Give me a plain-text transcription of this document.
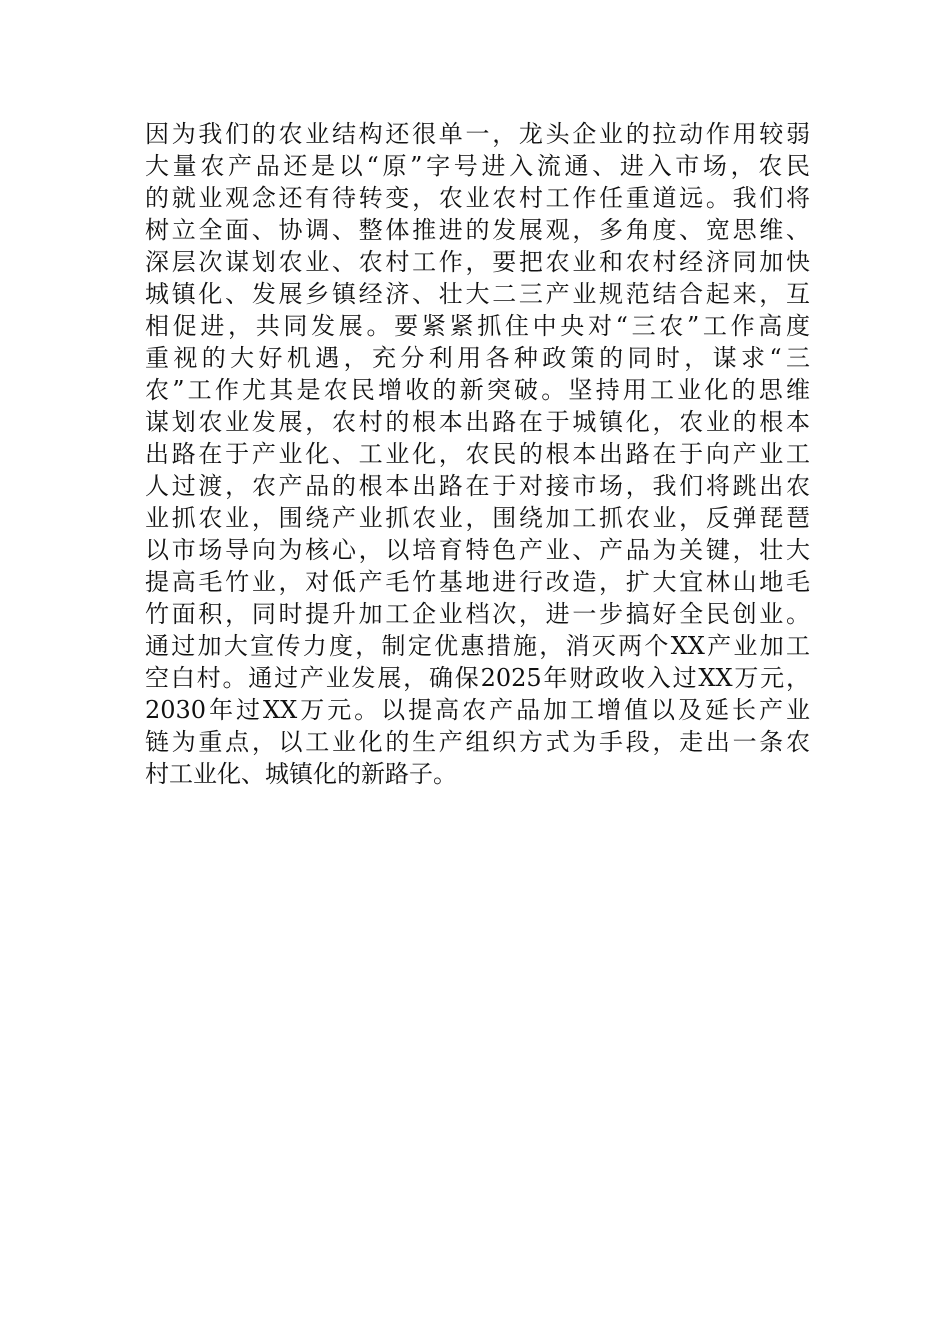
因为我们的农业结构还很单一，龙头企业的拉动作用较弱
大量农产品还是以“原”字号进入流通、进入市场，农民
的就业观念还有待转变，农业农村工作任重道远。我们将
树立全面、协调、整体推进的发展观，多角度、宽思维、
深层次谋划农业、农村工作，要把农业和农村经济同加快
城镇化、发展乡镇经济、壮大二三产业规范结合起来，互
相促进，共同发展。要紧紧抓住中央对“三农”工作高度
重视的大好机遇，充分利用各种政策的同时，谋求“三
农”工作尤其是农民增收的新突破。坚持用工业化的思维
谋划农业发展，农村的根本出路在于城镇化，农业的根本
出路在于产业化、工业化，农民的根本出路在于向产业工
人过渡，农产品的根本出路在于对接市场，我们将跳出农
业抓农业，围绕产业抓农业，围绕加工抓农业，反弹琵琶
以市场导向为核心，以培育特色产业、产品为关键，壮大
提高毛竹业，对低产毛竹基地进行改造，扩大宜林山地毛
竹面积，同时提升加工企业档次，进一步搞好全民创业。
通过加大宣传力度，制定优惠措施，消灭两个XX产业加工
空白村。通过产业发展，确保2025年财政收入过XX万元，
2030年过XX万元。以提高农产品加工增值以及延长产业
链为重点，以工业化的生产组织方式为手段，走出一条农
村工业化、城镇化的新路子。
